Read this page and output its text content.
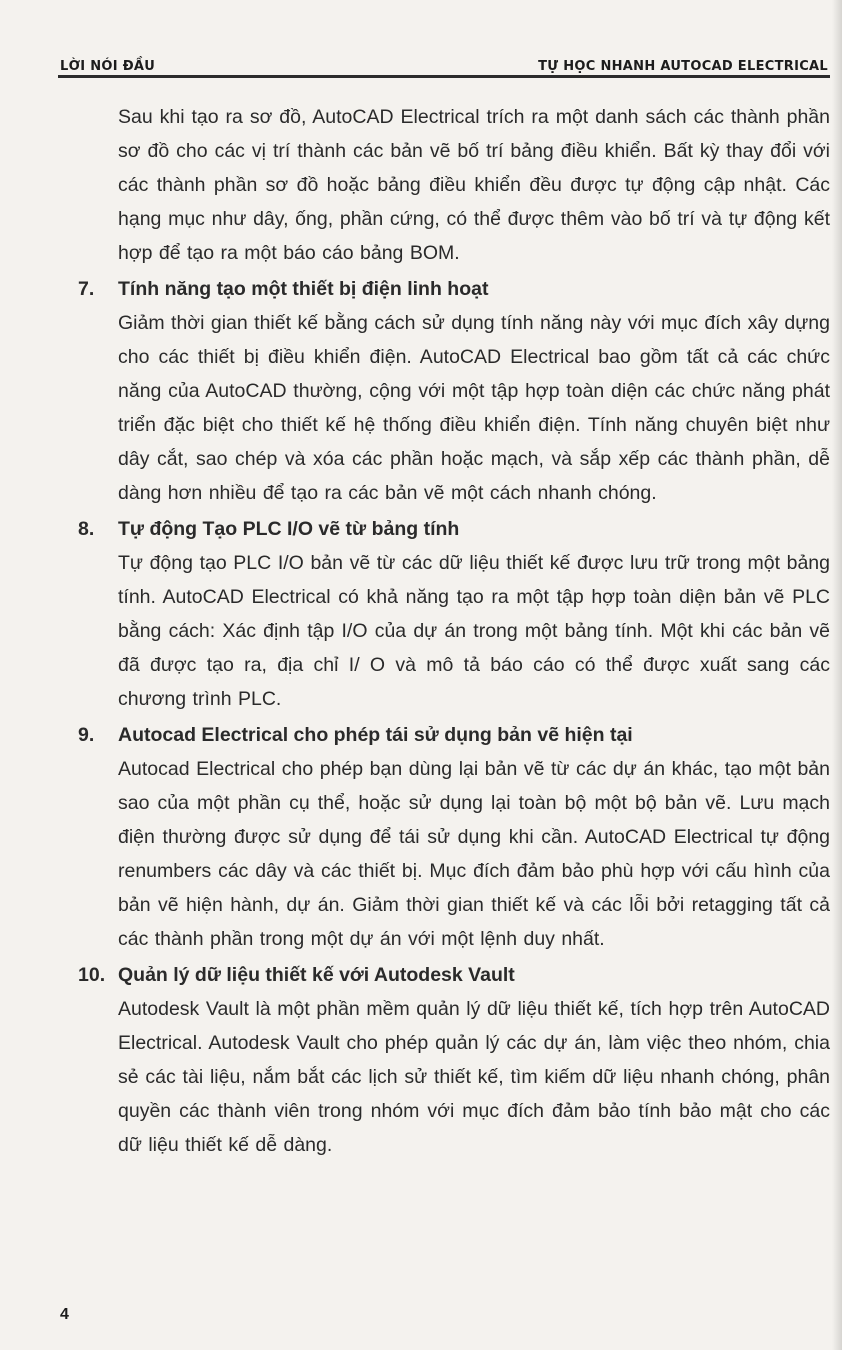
LỜI NÓI ĐẦU	TỰ HỌC NHANH AUTOCAD ELECTRICAL

Sau khi tạo ra sơ đồ, AutoCAD Electrical trích ra một danh sách các thành phần sơ đồ cho các vị trí thành các bản vẽ bố trí bảng điều khiển. Bất kỳ thay đổi với các thành phần sơ đồ hoặc bảng điều khiển đều được tự động cập nhật. Các hạng mục như dây, ống, phần cứng, có thể được thêm vào bố trí và tự động kết hợp để tạo ra một báo cáo bảng BOM.

7.	Tính năng tạo một thiết bị điện linh hoạt

Giảm thời gian thiết kế bằng cách sử dụng tính năng này với mục đích xây dựng cho các thiết bị điều khiển điện. AutoCAD Electrical bao gồm tất cả các chức năng của AutoCAD thường, cộng với một tập hợp toàn diện các chức năng phát triển đặc biệt cho thiết kế hệ thống điều khiển điện. Tính năng chuyên biệt như dây cắt, sao chép và xóa các phần hoặc mạch, và sắp xếp các thành phần, dễ dàng hơn nhiều để tạo ra các bản vẽ một cách nhanh chóng.

8.	Tự động Tạo PLC I/O vẽ từ bảng tính

Tự động tạo PLC I/O bản vẽ từ các dữ liệu thiết kế được lưu trữ trong một bảng tính. AutoCAD Electrical có khả năng tạo ra một tập hợp toàn diện bản vẽ PLC bằng cách: Xác định tập I/O của dự án trong một bảng tính. Một khi các bản vẽ đã được tạo ra, địa chỉ I/ O và mô tả báo cáo có thể được xuất sang các chương trình PLC.

9.	Autocad Electrical cho phép tái sử dụng bản vẽ hiện tại

Autocad Electrical cho phép bạn dùng lại bản vẽ từ các dự án khác, tạo một bản sao của một phần cụ thể, hoặc sử dụng lại toàn bộ một bộ bản vẽ. Lưu mạch điện thường được sử dụng để tái sử dụng khi cần. AutoCAD Electrical tự động renumbers các dây và các thiết bị. Mục đích đảm bảo phù hợp với cấu hình của bản vẽ hiện hành, dự án. Giảm thời gian thiết kế và các lỗi bởi retagging tất cả các thành phần trong một dự án với một lệnh duy nhất.

10. Quản lý dữ liệu thiết kế với Autodesk Vault

Autodesk Vault là một phần mềm quản lý dữ liệu thiết kế, tích hợp trên AutoCAD Electrical. Autodesk Vault cho phép quản lý các dự án, làm việc theo nhóm, chia sẻ các tài liệu, nắm bắt các lịch sử thiết kế, tìm kiếm dữ liệu nhanh chóng, phân quyền các thành viên trong nhóm với mục đích đảm bảo tính bảo mật cho các dữ liệu thiết kế dễ dàng.

4
